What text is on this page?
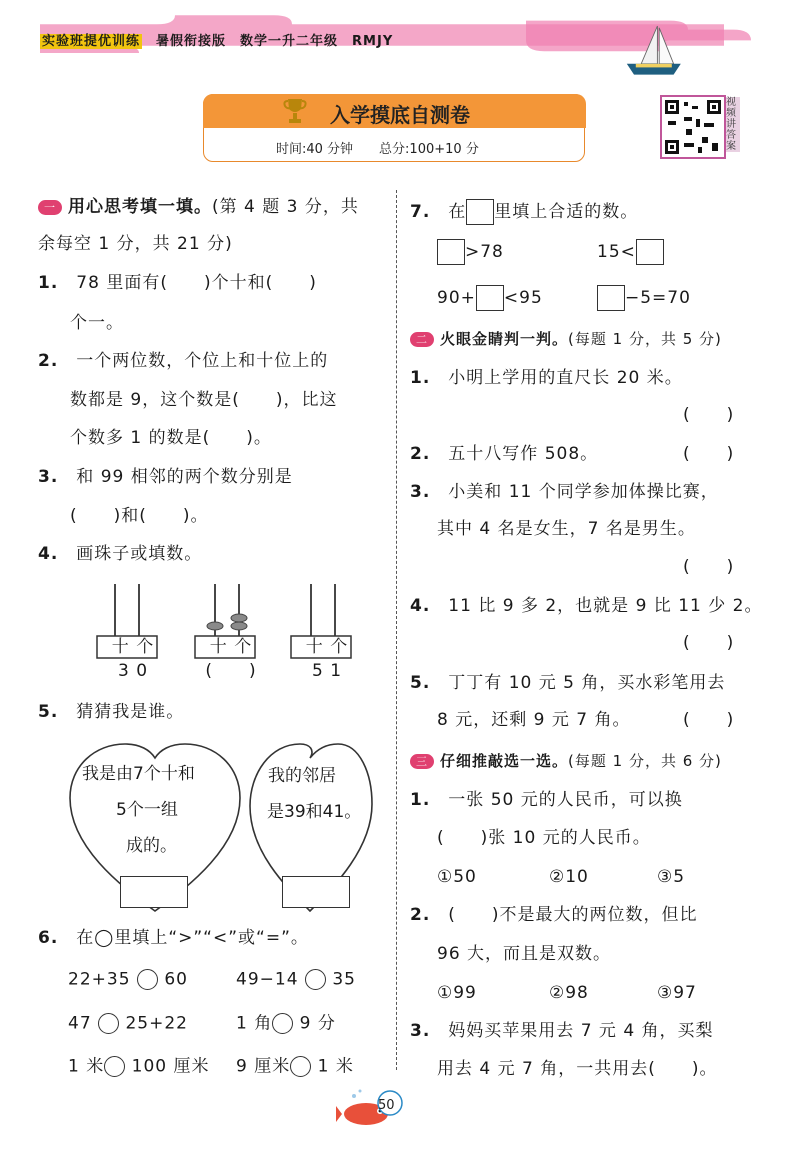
实验班提优训练　 暑假衔接版　数学一升二年级　RMJY
入学摸底自测卷
时间:40 分钟　　总分:100+10 分
视频讲答案
一 用心思考填一填。(第 4 题 3 分，共
余每空 1 分，共 21 分)
1.　 78 里面有(　　)个十和(　　)
个一。
2.　 一个两位数，个位上和十位上的
数都是 9，这个数是(　　)，比这
个数多 1 的数是(　　)。
3.　 和 99 相邻的两个数分别是
(　　)和(　　)。
4.　 画珠子或填数。
十 个	十 个	十 个
3 0	(　　)	5 1
5.　 猜猜我是谁。
我是由7个十和
5个一组
成的。
我的邻居
是39和41。
6.　 在◯里填上“>”“<”或“=”。
22+35 60	49−14 35
47 25+22	1 角 9 分
1 米 100 厘米 9 厘米 1 米
7.　 在 里填上合适的数。
>78	15<
90+ <95	−5=70
二 火眼金睛判一判。(每题 1 分，共 5 分)
1.　 小明上学用的直尺长 20 米。
(　　)
2.　 五十八写作 508。	(　　)
3.　 小美和 11 个同学参加体操比赛，
其中 4 名是女生，7 名是男生。
(　　)
4.　 11 比 9 多 2，也就是 9 比 11 少 2。
(　　)
5.　 丁丁有 10 元 5 角，买水彩笔用去
8 元，还剩 9 元 7 角。	(　　)
三 仔细推敲选一选。(每题 1 分，共 6 分)
1.　 一张 50 元的人民币，可以换
(　　)张 10 元的人民币。
①50	②10	③5
2.　 (　　)不是最大的两位数，但比
96 大，而且是双数。
①99	②98	③97
3.　 妈妈买苹果用去 7 元 4 角，买梨
用去 4 元 7 角，一共用去(　　)。
50
